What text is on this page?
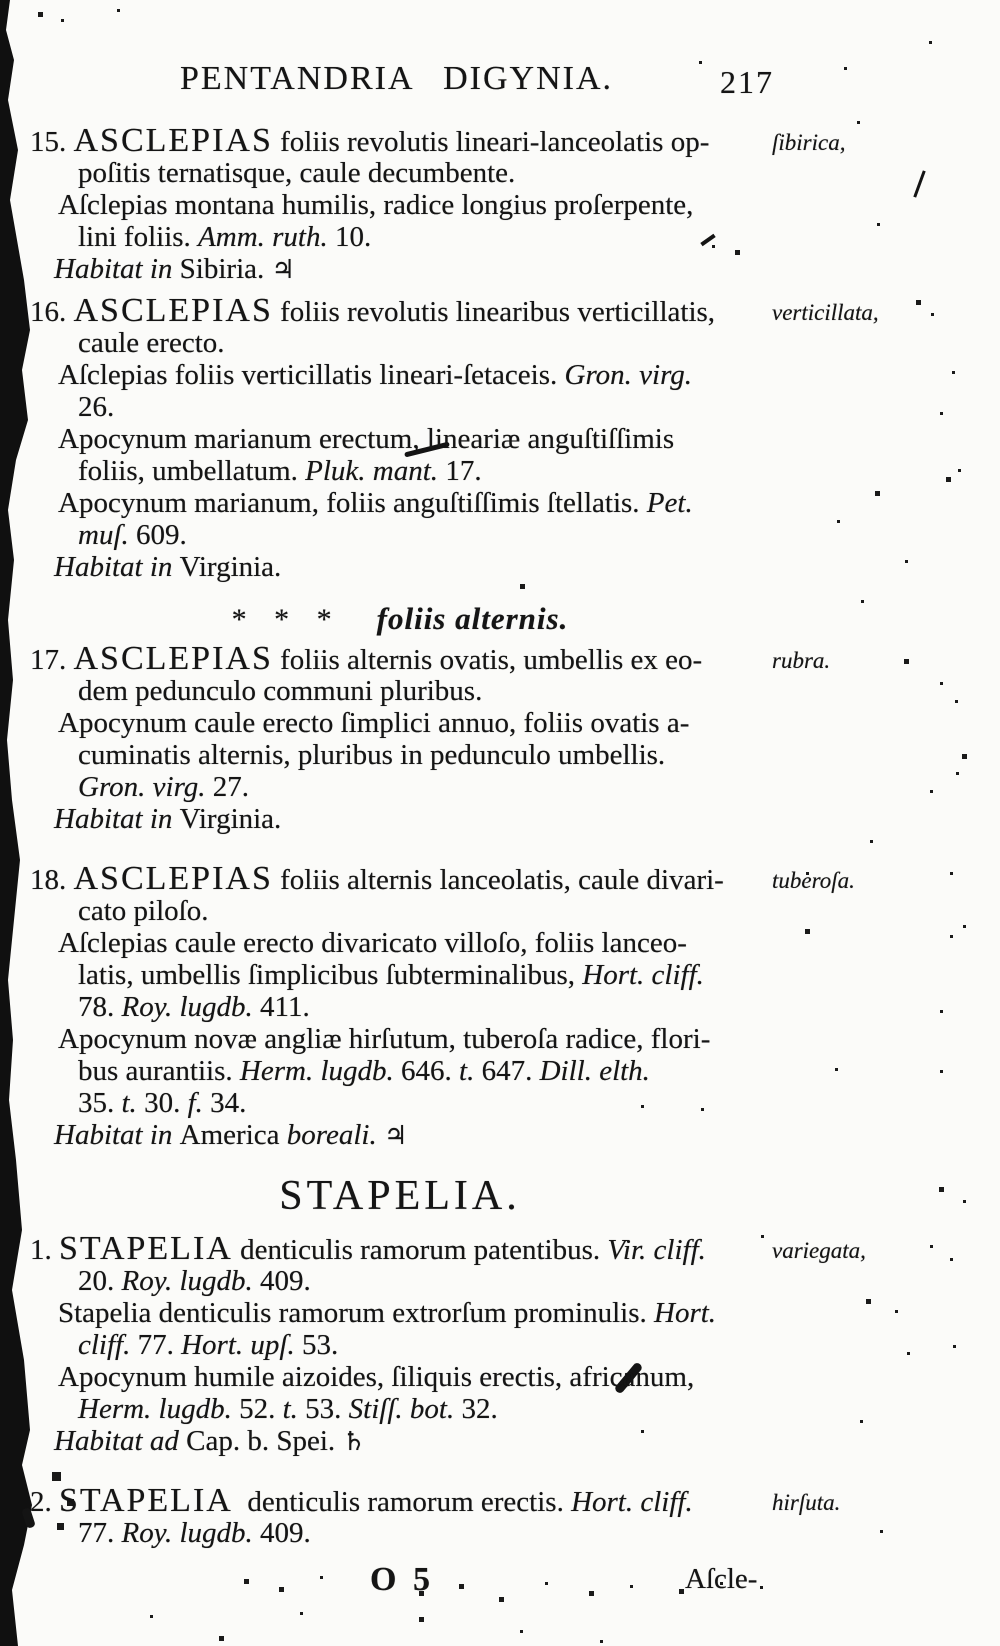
PENTANDRIA DIGYNIA.	217
15. ASCLEPIAS foliis revolutis lineari-lanceolatis op-	ſibirica,
poſitis ternatisque, caule decumbente.
Aſclepias montana humilis, radice longius proſerpente,
lini foliis. Amm. ruth. 10.
Habitat in Sibiria. ♃
16. ASCLEPIAS foliis revolutis linearibus verticillatis, verticillata,
caule erecto.
Aſclepias foliis verticillatis lineari-ſetaceis. Gron. virg.
26.
Apocynum marianum erectum, lineariæ anguſtiſſimis
foliis, umbellatum. Pluk. mant. 17.
Apocynum marianum, foliis anguſtiſſimis ſtellatis. Pet.
muſ. 609.
Habitat in Virginia.
* * *  foliis alternis.
17. ASCLEPIAS foliis alternis ovatis, umbellis ex eo-	rubra.
dem pedunculo communi pluribus.
Apocynum caule erecto ſimplici annuo, foliis ovatis a-
cuminatis alternis, pluribus in pedunculo umbellis.
Gron. virg. 27.
Habitat in Virginia.
18. ASCLEPIAS foliis alternis lanceolatis, caule divari- tuberoſa.
cato piloſo.
Aſclepias caule erecto divaricato villoſo, foliis lanceo-
latis, umbellis ſimplicibus ſubterminalibus, Hort. cliff.
78. Roy. lugdb. 411.
Apocynum novæ angliæ hirſutum, tuberoſa radice, flori-
bus aurantiis. Herm. lugdb. 646. t. 647. Dill. elth.
35. t. 30. f. 34.
Habitat in America boreali. ♃
STAPELIA.
1. STAPELIA denticulis ramorum patentibus. Vir. cliff.	variegata,
20. Roy. lugdb. 409.
Stapelia denticulis ramorum extrorſum prominulis. Hort.
cliff. 77. Hort. upſ. 53.
Apocynum humile aizoides, ſiliquis erectis, africanum,
Herm. lugdb. 52. t. 53. Stiſſ. bot. 32.
Habitat ad Cap. b. Spei. ♄
2. STAPELIA  denticulis ramorum erectis. Hort. cliff.	hirſuta.
77. Roy. lugdb. 409.
O 5	Aſcle-
